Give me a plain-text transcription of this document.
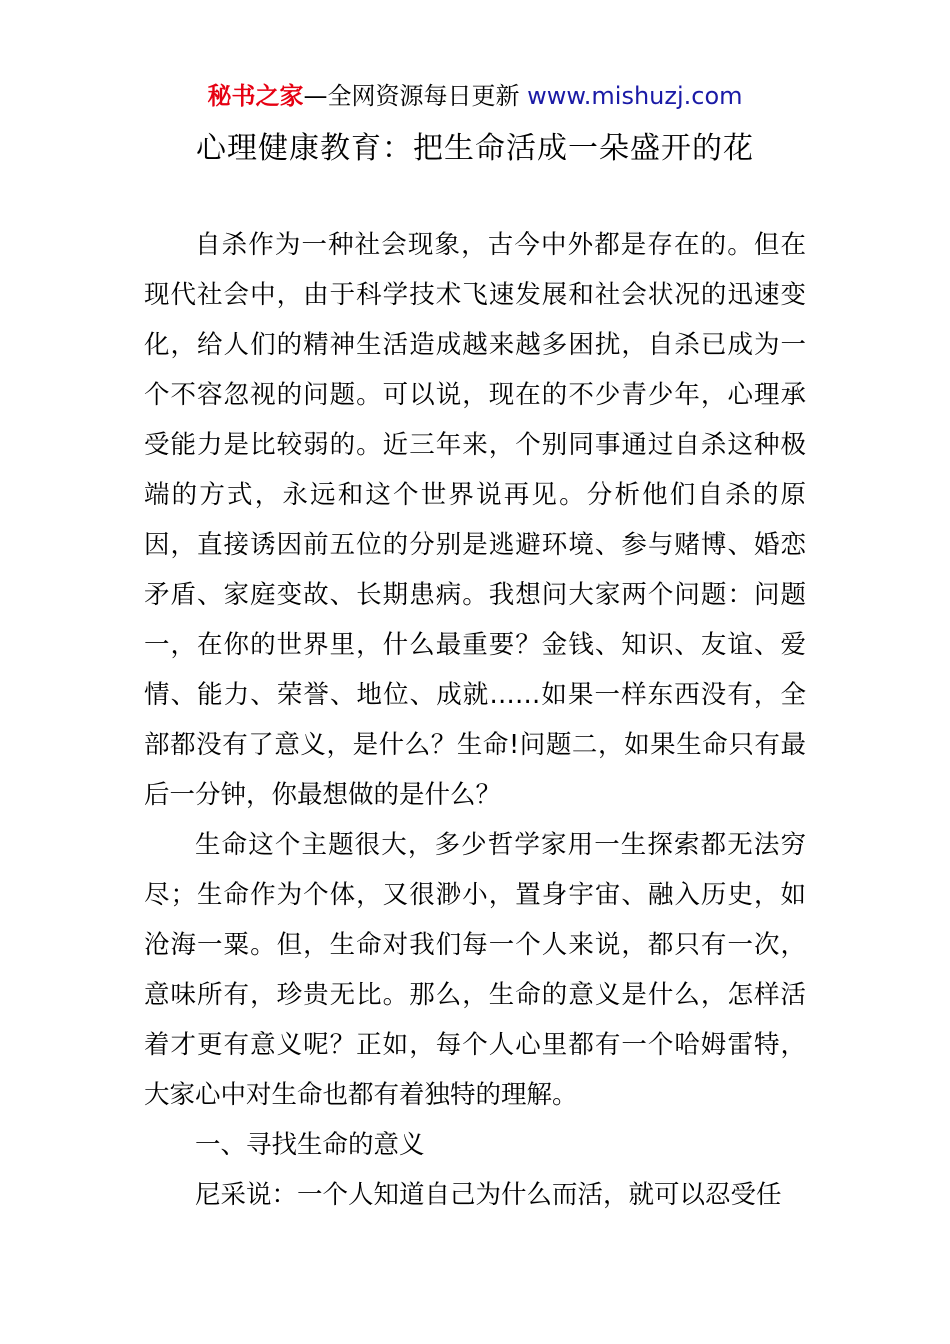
秘书之家—全网资源每日更新 www.mishuzj.com
心理健康教育：把生命活成一朵盛开的花

自杀作为一种社会现象，古今中外都是存在的。但在现代社会中，由于科学技术飞速发展和社会状况的迅速变化，给人们的精神生活造成越来越多困扰，自杀已成为一个不容忽视的问题。可以说，现在的不少青少年，心理承受能力是比较弱的。近三年来，个别同事通过自杀这种极端的方式，永远和这个世界说再见。分析他们自杀的原因，直接诱因前五位的分别是逃避环境、参与赌博、婚恋矛盾、家庭变故、长期患病。我想问大家两个问题：问题一，在你的世界里，什么最重要？金钱、知识、友谊、爱情、能力、荣誉、地位、成就……如果一样东西没有，全部都没有了意义，是什么？生命!问题二，如果生命只有最后一分钟，你最想做的是什么？

生命这个主题很大，多少哲学家用一生探索都无法穷尽；生命作为个体，又很渺小，置身宇宙、融入历史，如沧海一粟。但，生命对我们每一个人来说，都只有一次，意味所有，珍贵无比。那么，生命的意义是什么，怎样活着才更有意义呢？正如，每个人心里都有一个哈姆雷特，大家心中对生命也都有着独特的理解。

一、寻找生命的意义

尼采说：一个人知道自己为什么而活，就可以忍受任
